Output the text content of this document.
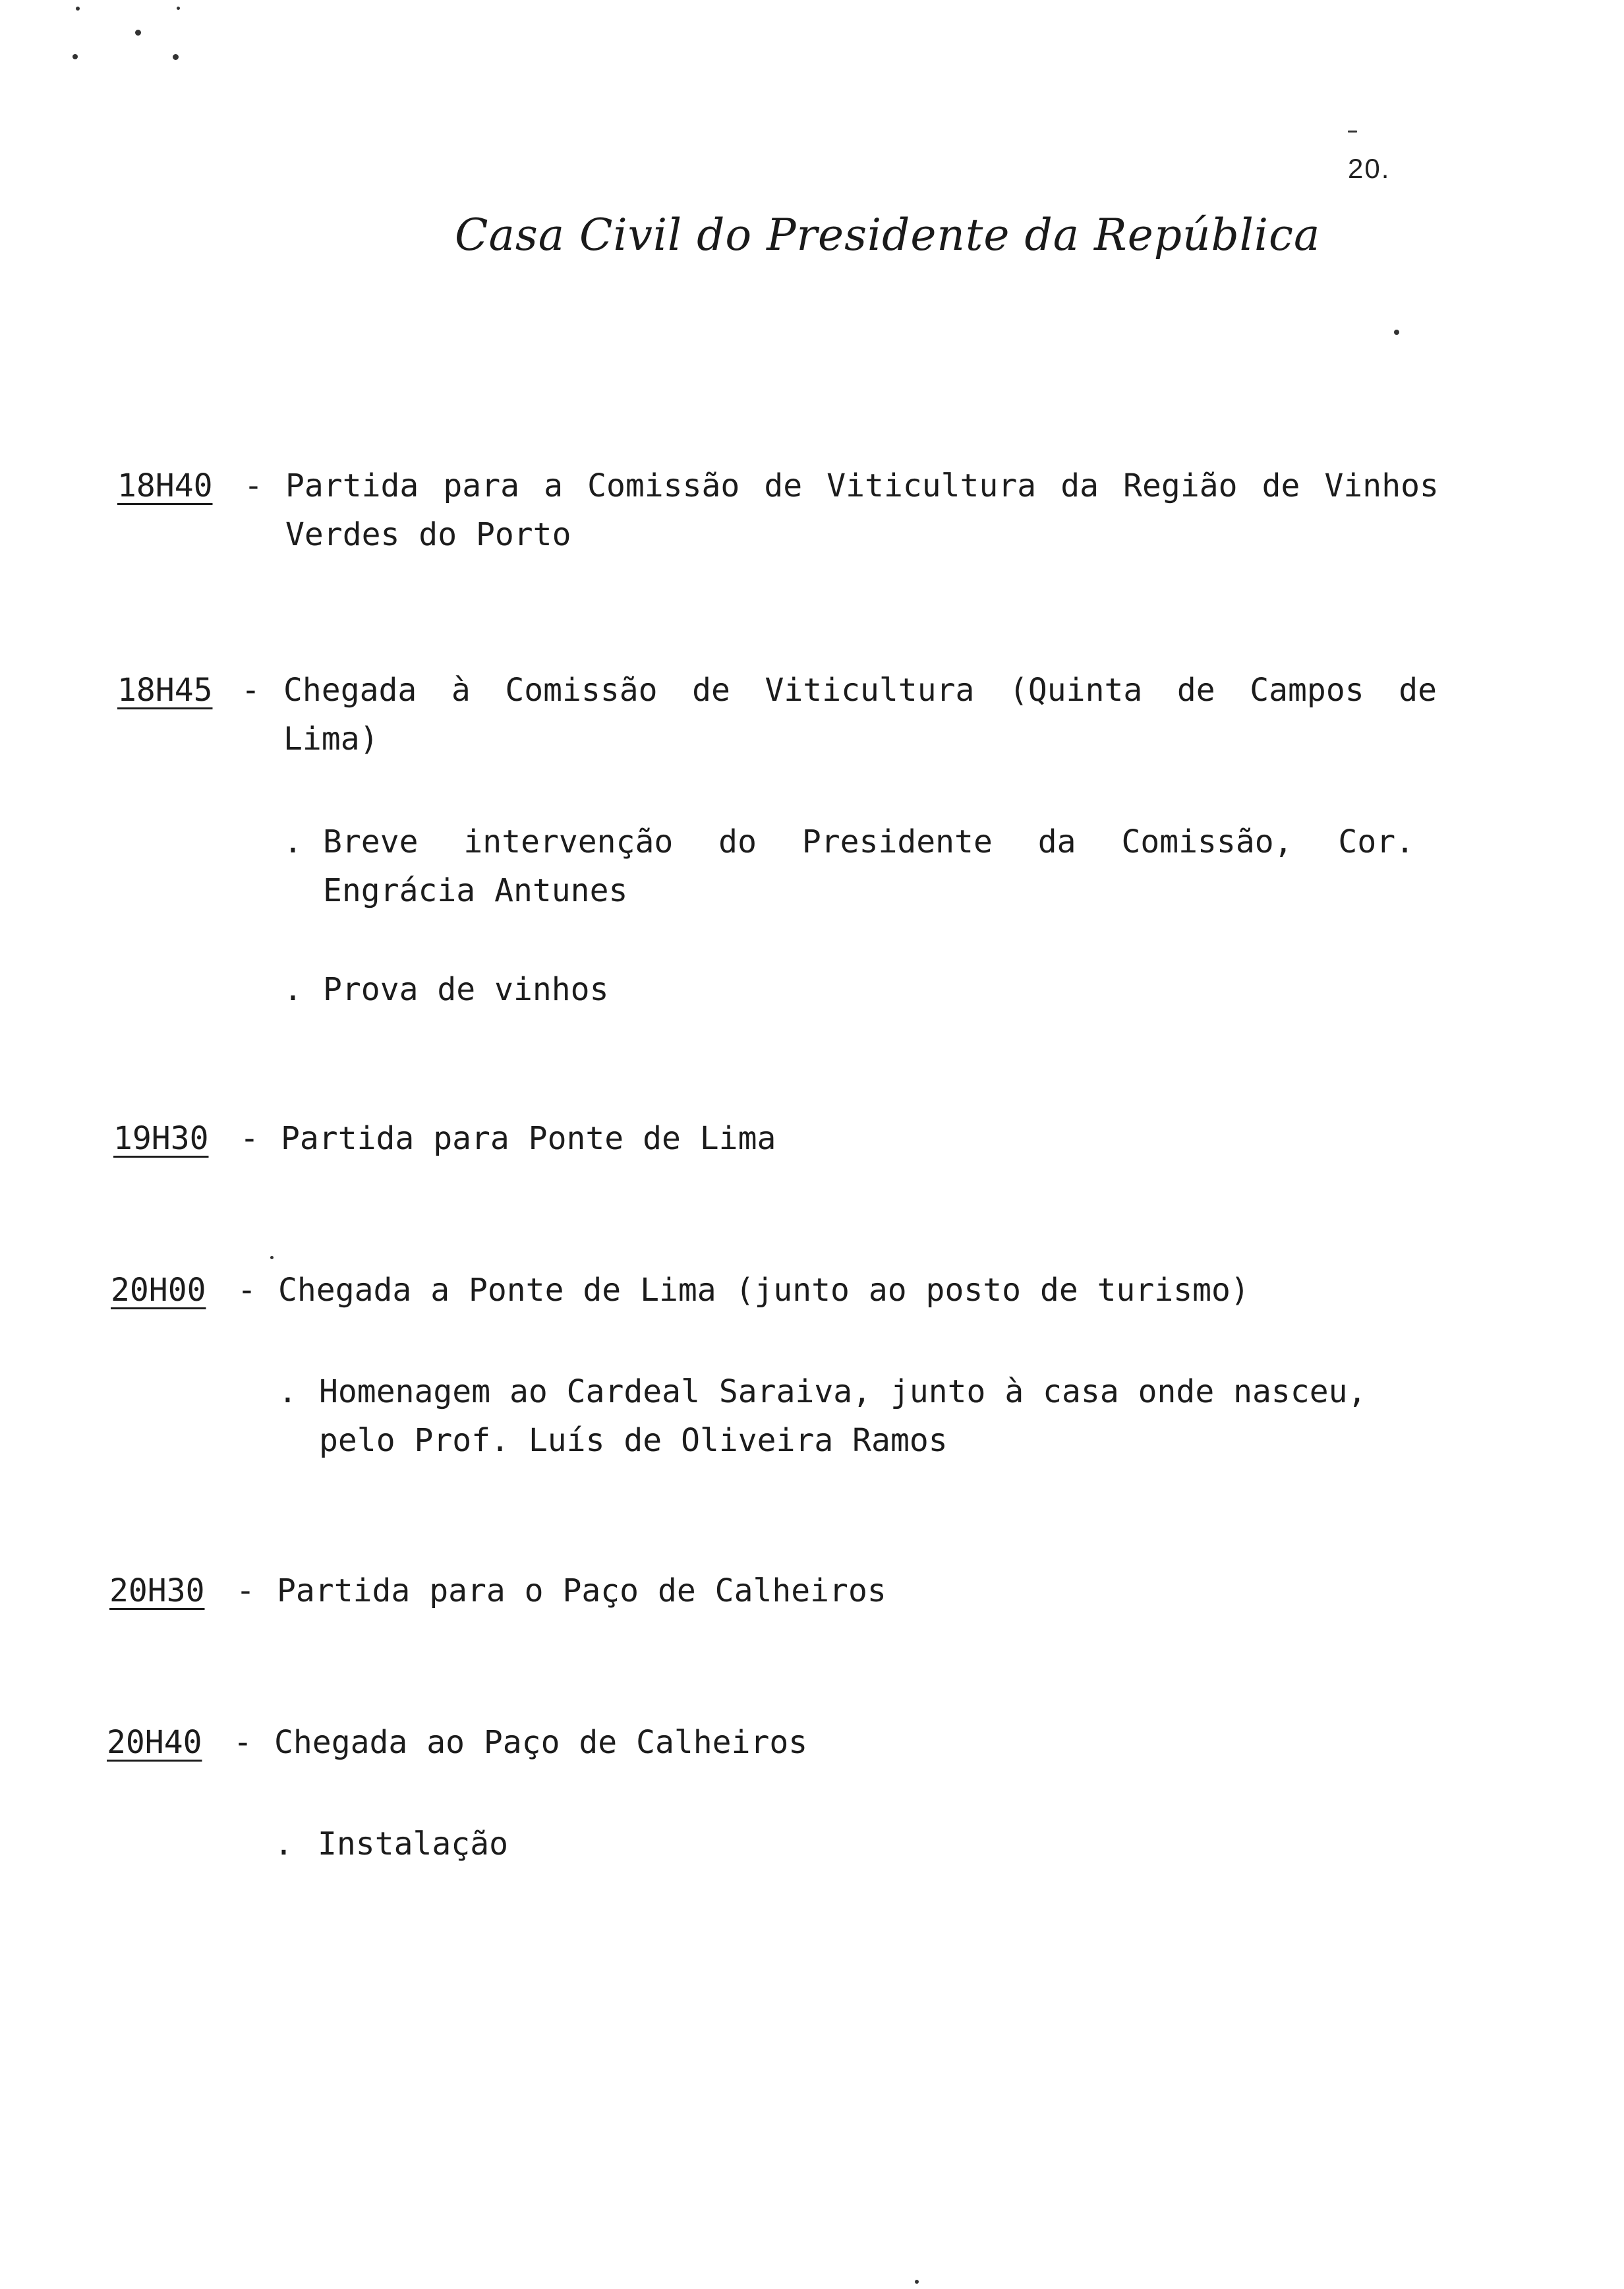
20.
Casa Civil do Presidente da República
18H40 - Partida para a Comissão de Viticultura da Região de Vinhos
Verdes do Porto
18H45 - Chegada à Comissão de Viticultura (Quinta de Campos de
Lima)
. Breve intervenção do Presidente da Comissão, Cor.
Engrácia Antunes
. Prova de vinhos
19H30 - Partida para Ponte de Lima
20H00 - Chegada a Ponte de Lima (junto ao posto de turismo)
. Homenagem ao Cardeal Saraiva, junto à casa onde nasceu,
pelo Prof. Luís de Oliveira Ramos
20H30 - Partida para o Paço de Calheiros
20H40 - Chegada ao Paço de Calheiros
. Instalação
